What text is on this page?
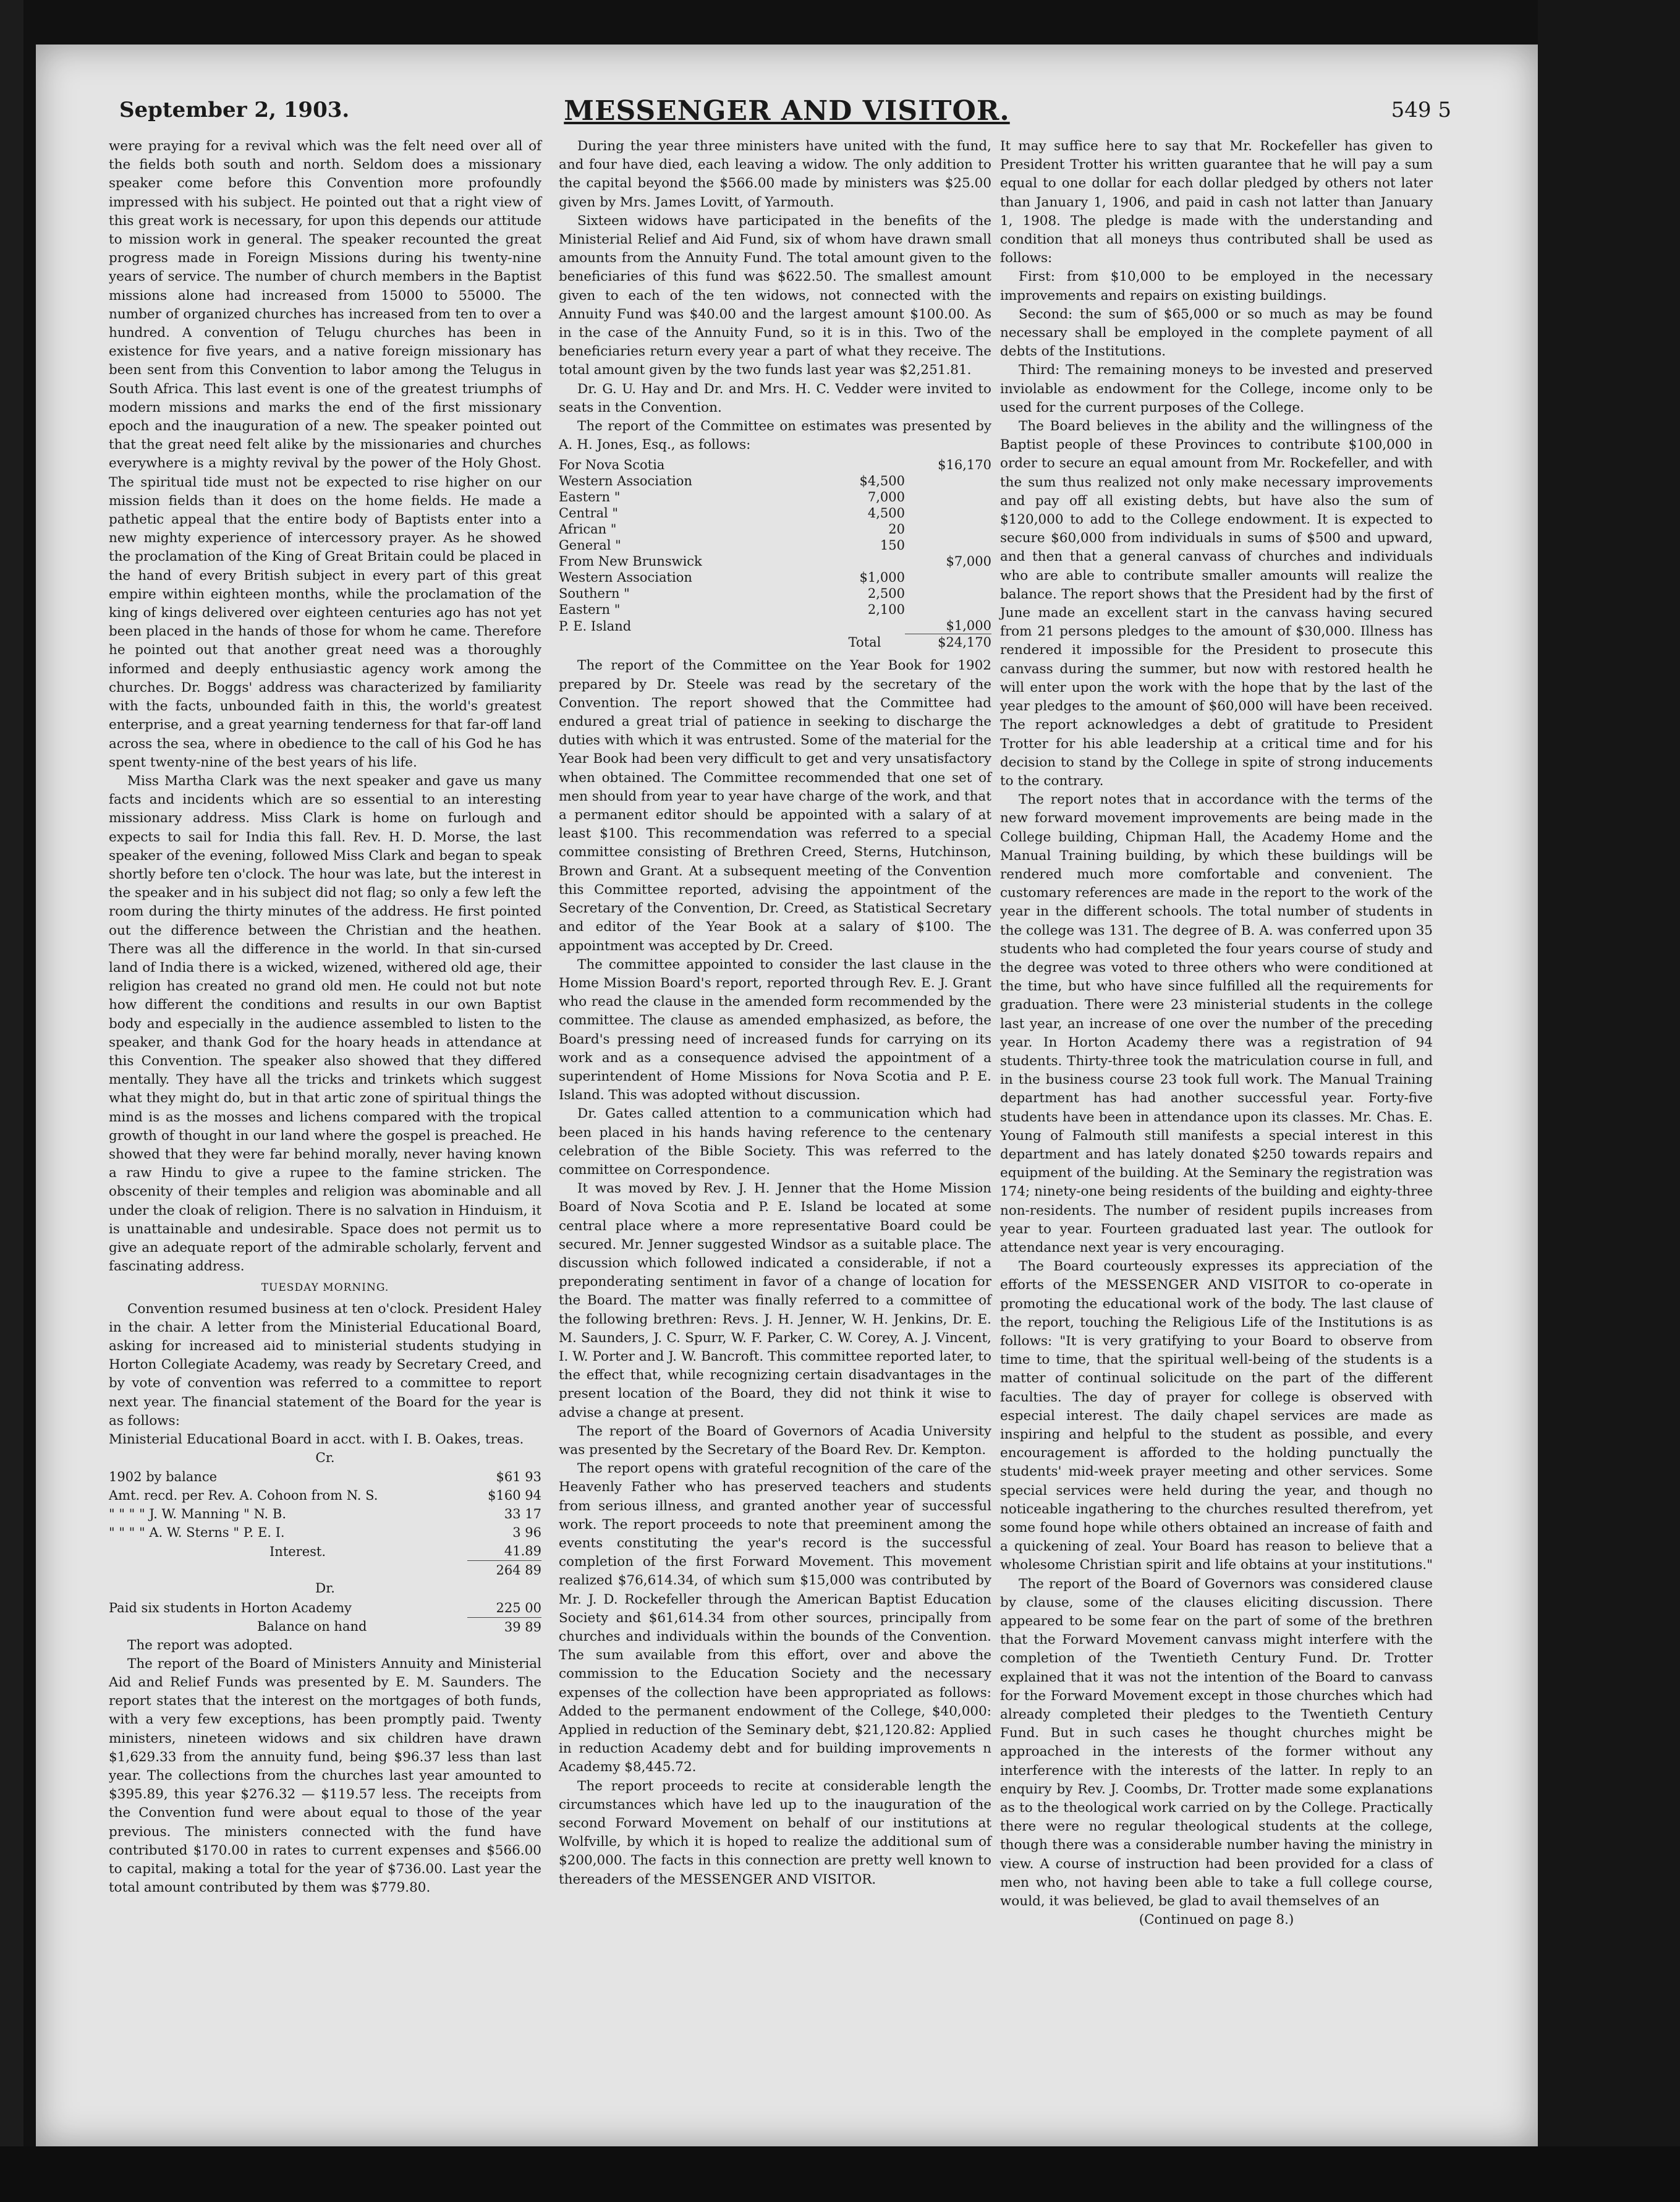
September 2, 1903.	MESSENGER AND VISITOR.	549 5

were praying for a revival which was the felt need over all of the fields both south and north. Seldom does a missionary speaker come before this Convention more profoundly impressed with his subject. He pointed out that a right view of this great work is necessary, for upon this depends our attitude to mission work in general. The speaker recounted the great progress made in Foreign Missions during his twenty-nine years of service. The number of church members in the Baptist missions alone had increased from 15000 to 55000. The number of organized churches has increased from ten to over a hundred. A convention of Telugu churches has been in existence for five years, and a native foreign missionary has been sent from this Convention to labor among the Telugus in South Africa. This last event is one of the greatest triumphs of modern missions and marks the end of the first missionary epoch and the inauguration of a new. The speaker pointed out that the great need felt alike by the missionaries and churches everywhere is a mighty revival by the power of the Holy Ghost. The spiritual tide must not be expected to rise higher on our mission fields than it does on the home fields. He made a pathetic appeal that the entire body of Baptists enter into a new mighty experience of intercessory prayer. As he showed the proclamation of the King of Great Britain could be placed in the hand of every British subject in every part of this great empire within eighteen months, while the proclamation of the king of kings delivered over eighteen centuries ago has not yet been placed in the hands of those for whom he came. Therefore he pointed out that another great need was a thoroughly informed and deeply enthusiastic agency work among the churches. Dr. Boggs' address was characterized by familiarity with the facts, unbounded faith in this, the world's greatest enterprise, and a great yearning tenderness for that far-off land across the sea, where in obedience to the call of his God he has spent twenty-nine of the best years of his life.

Miss Martha Clark was the next speaker and gave us many facts and incidents which are so essential to an interesting missionary address. Miss Clark is home on furlough and expects to sail for India this fall. Rev. H. D. Morse, the last speaker of the evening, followed Miss Clark and began to speak shortly before ten o'clock. The hour was late, but the interest in the speaker and in his subject did not flag; so only a few left the room during the thirty minutes of the address. He first pointed out the difference between the Christian and the heathen. There was all the difference in the world. In that sin-cursed land of India there is a wicked, wizened, withered old age, their religion has created no grand old men. He could not but note how different the conditions and results in our own Baptist body and especially in the audience assembled to listen to the speaker, and thank God for the hoary heads in attendance at this Convention. The speaker also showed that they differed mentally. They have all the tricks and trinkets which suggest what they might do, but in that artic zone of spiritual things the mind is as the mosses and lichens compared with the tropical growth of thought in our land where the gospel is preached. He showed that they were far behind morally, never having known a raw Hindu to give a rupee to the famine stricken. The obscenity of their temples and religion was abominable and all under the cloak of religion. There is no salvation in Hinduism, it is unattainable and undesirable. Space does not permit us to give an adequate report of the admirable scholarly, fervent and fascinating address.

TUESDAY MORNING.

Convention resumed business at ten o'clock. President Haley in the chair. A letter from the Ministerial Educational Board, asking for increased aid to ministerial students studying in Horton Collegiate Academy, was ready by Secretary Creed, and by vote of convention was referred to a committee to report next year. The financial statement of the Board for the year is as follows:

Ministerial Educational Board in acct. with I. B. Oakes, treas.

Cr.

1902 by balance	$61 93
Amt. recd. per Rev. A. Cohoon from N. S.	$160 94
" " " " J. W. Manning " N. B.	33 17
" " " " A. W. Sterns " P. E. I.	3 96
Interest.	41.89
	264 89

Dr.

Paid six students in Horton Academy	225 00
Balance on hand	39 89

The report was adopted.

The report of the Board of Ministers Annuity and Ministerial Aid and Relief Funds was presented by E. M. Saunders. The report states that the interest on the mortgages of both funds, with a very few exceptions, has been promptly paid. Twenty ministers, nineteen widows and six children have drawn $1,629.33 from the annuity fund, being $96.37 less than last year. The collections from the churches last year amounted to $395.89, this year $276.32 — $119.57 less. The receipts from the Convention fund were about equal to those of the year previous. The ministers connected with the fund have contributed $170.00 in rates to current expenses and $566.00 to capital, making a total for the year of $736.00. Last year the total amount contributed by them was $779.80.

During the year three ministers have united with the fund, and four have died, each leaving a widow. The only addition to the capital beyond the $566.00 made by ministers was $25.00 given by Mrs. James Lovitt, of Yarmouth.

Sixteen widows have participated in the benefits of the Ministerial Relief and Aid Fund, six of whom have drawn small amounts from the Annuity Fund. The total amount given to the beneficiaries of this fund was $622.50. The smallest amount given to each of the ten widows, not connected with the Annuity Fund was $40.00 and the largest amount $100.00. As in the case of the Annuity Fund, so it is in this. Two of the beneficiaries return every year a part of what they receive. The total amount given by the two funds last year was $2,251.81.

Dr. G. U. Hay and Dr. and Mrs. H. C. Vedder were invited to seats in the Convention.

The report of the Committee on estimates was presented by A. H. Jones, Esq., as follows:

For Nova Scotia		$16,170
Western Association	$4,500	
Eastern "	7,000	
Central "	4,500	
African "	20	
General "	150	
From New Brunswick		$7,000
Western Association	$1,000	
Southern "	2,500	
Eastern "	2,100	
P. E. Island		$1,000
	Total	$24,170

The report of the Committee on the Year Book for 1902 prepared by Dr. Steele was read by the secretary of the Convention. The report showed that the Committee had endured a great trial of patience in seeking to discharge the duties with which it was entrusted. Some of the material for the Year Book had been very difficult to get and very unsatisfactory when obtained. The Committee recommended that one set of men should from year to year have charge of the work, and that a permanent editor should be appointed with a salary of at least $100. This recommendation was referred to a special committee consisting of Brethren Creed, Sterns, Hutchinson, Brown and Grant. At a subsequent meeting of the Convention this Committee reported, advising the appointment of the Secretary of the Convention, Dr. Creed, as Statistical Secretary and editor of the Year Book at a salary of $100. The appointment was accepted by Dr. Creed.

The committee appointed to consider the last clause in the Home Mission Board's report, reported through Rev. E. J. Grant who read the clause in the amended form recommended by the committee. The clause as amended emphasized, as before, the Board's pressing need of increased funds for carrying on its work and as a consequence advised the appointment of a superintendent of Home Missions for Nova Scotia and P. E. Island. This was adopted without discussion.

Dr. Gates called attention to a communication which had been placed in his hands having reference to the centenary celebration of the Bible Society. This was referred to the committee on Correspondence.

It was moved by Rev. J. H. Jenner that the Home Mission Board of Nova Scotia and P. E. Island be located at some central place where a more representative Board could be secured. Mr. Jenner suggested Windsor as a suitable place. The discussion which followed indicated a considerable, if not a preponderating sentiment in favor of a change of location for the Board. The matter was finally referred to a committee of the following brethren: Revs. J. H. Jenner, W. H. Jenkins, Dr. E. M. Saunders, J. C. Spurr, W. F. Parker, C. W. Corey, A. J. Vincent, I. W. Porter and J. W. Bancroft. This committee reported later, to the effect that, while recognizing certain disadvantages in the present location of the Board, they did not think it wise to advise a change at present.

The report of the Board of Governors of Acadia University was presented by the Secretary of the Board Rev. Dr. Kempton.

The report opens with grateful recognition of the care of the Heavenly Father who has preserved teachers and students from serious illness, and granted another year of successful work. The report proceeds to note that preeminent among the events constituting the year's record is the successful completion of the first Forward Movement. This movement realized $76,614.34, of which sum $15,000 was contributed by Mr. J. D. Rockefeller through the American Baptist Education Society and $61,614.34 from other sources, principally from churches and individuals within the bounds of the Convention. The sum available from this effort, over and above the commission to the Education Society and the necessary expenses of the collection have been appropriated as follows: Added to the permanent endowment of the College, $40,000: Applied in reduction of the Seminary debt, $21,120.82: Applied in reduction Academy debt and for building improvements n Academy $8,445.72.

The report proceeds to recite at considerable length the circumstances which have led up to the inauguration of the second Forward Movement on behalf of our institutions at Wolfville, by which it is hoped to realize the additional sum of $200,000. The facts in this connection are pretty well known to thereaders of the MESSENGER AND VISITOR.

It may suffice here to say that Mr. Rockefeller has given to President Trotter his written guarantee that he will pay a sum equal to one dollar for each dollar pledged by others not later than January 1, 1906, and paid in cash not latter than January 1, 1908. The pledge is made with the understanding and condition that all moneys thus contributed shall be used as follows:

First: from $10,000 to be employed in the necessary improvements and repairs on existing buildings.

Second: the sum of $65,000 or so much as may be found necessary shall be employed in the complete payment of all debts of the Institutions.

Third: The remaining moneys to be invested and preserved inviolable as endowment for the College, income only to be used for the current purposes of the College.

The Board believes in the ability and the willingness of the Baptist people of these Provinces to contribute $100,000 in order to secure an equal amount from Mr. Rockefeller, and with the sum thus realized not only make necessary improvements and pay off all existing debts, but have also the sum of $120,000 to add to the College endowment. It is expected to secure $60,000 from individuals in sums of $500 and upward, and then that a general canvass of churches and individuals who are able to contribute smaller amounts will realize the balance. The report shows that the President had by the first of June made an excellent start in the canvass having secured from 21 persons pledges to the amount of $30,000. Illness has rendered it impossible for the President to prosecute this canvass during the summer, but now with restored health he will enter upon the work with the hope that by the last of the year pledges to the amount of $60,000 will have been received. The report acknowledges a debt of gratitude to President Trotter for his able leadership at a critical time and for his decision to stand by the College in spite of strong inducements to the contrary.

The report notes that in accordance with the terms of the new forward movement improvements are being made in the College building, Chipman Hall, the Academy Home and the Manual Training building, by which these buildings will be rendered much more comfortable and convenient. The customary references are made in the report to the work of the year in the different schools. The total number of students in the college was 131. The degree of B. A. was conferred upon 35 students who had completed the four years course of study and the degree was voted to three others who were conditioned at the time, but who have since fulfilled all the requirements for graduation. There were 23 ministerial students in the college last year, an increase of one over the number of the preceding year. In Horton Academy there was a registration of 94 students. Thirty-three took the matriculation course in full, and in the business course 23 took full work. The Manual Training department has had another successful year. Forty-five students have been in attendance upon its classes. Mr. Chas. E. Young of Falmouth still manifests a special interest in this department and has lately donated $250 towards repairs and equipment of the building. At the Seminary the registration was 174; ninety-one being residents of the building and eighty-three non-residents. The number of resident pupils increases from year to year. Fourteen graduated last year. The outlook for attendance next year is very encouraging.

The Board courteously expresses its appreciation of the efforts of the MESSENGER AND VISITOR to co-operate in promoting the educational work of the body. The last clause of the report, touching the Religious Life of the Institutions is as follows: "It is very gratifying to your Board to observe from time to time, that the spiritual well-being of the students is a matter of continual solicitude on the part of the different faculties. The day of prayer for college is observed with especial interest. The daily chapel services are made as inspiring and helpful to the student as possible, and every encouragement is afforded to the holding punctually the students' mid-week prayer meeting and other services. Some special services were held during the year, and though no noticeable ingathering to the churches resulted therefrom, yet some found hope while others obtained an increase of faith and a quickening of zeal. Your Board has reason to believe that a wholesome Christian spirit and life obtains at your institutions."

The report of the Board of Governors was considered clause by clause, some of the clauses eliciting discussion. There appeared to be some fear on the part of some of the brethren that the Forward Movement canvass might interfere with the completion of the Twentieth Century Fund. Dr. Trotter explained that it was not the intention of the Board to canvass for the Forward Movement except in those churches which had already completed their pledges to the Twentieth Century Fund. But in such cases he thought churches might be approached in the interests of the former without any interference with the interests of the latter. In reply to an enquiry by Rev. J. Coombs, Dr. Trotter made some explanations as to the theological work carried on by the College. Practically there were no regular theological students at the college, though there was a considerable number having the ministry in view. A course of instruction had been provided for a class of men who, not having been able to take a full college course, would, it was believed, be glad to avail themselves of an

(Continued on page 8.)
